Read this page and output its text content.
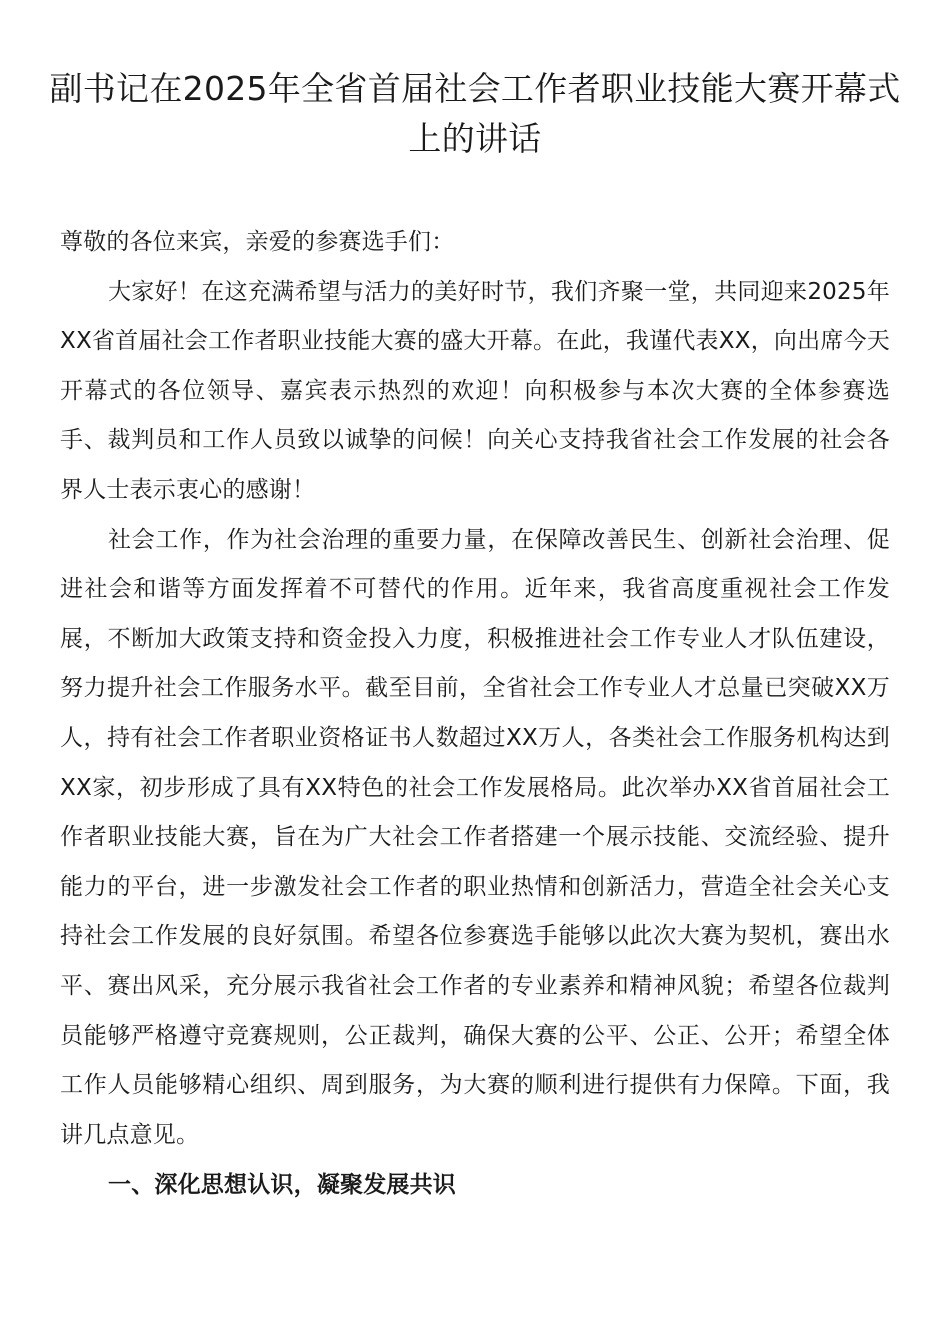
副书记在2025年全省首届社会工作者职业技能大赛开幕式上的讲话

尊敬的各位来宾，亲爱的参赛选手们：

大家好！在这充满希望与活力的美好时节，我们齐聚一堂，共同迎来2025年XX省首届社会工作者职业技能大赛的盛大开幕。在此，我谨代表XX，向出席今天开幕式的各位领导、嘉宾表示热烈的欢迎！向积极参与本次大赛的全体参赛选手、裁判员和工作人员致以诚挚的问候！向关心支持我省社会工作发展的社会各界人士表示衷心的感谢！

社会工作，作为社会治理的重要力量，在保障改善民生、创新社会治理、促进社会和谐等方面发挥着不可替代的作用。近年来，我省高度重视社会工作发展，不断加大政策支持和资金投入力度，积极推进社会工作专业人才队伍建设，努力提升社会工作服务水平。截至目前，全省社会工作专业人才总量已突破XX万人，持有社会工作者职业资格证书人数超过XX万人，各类社会工作服务机构达到XX家，初步形成了具有XX特色的社会工作发展格局。此次举办XX省首届社会工作者职业技能大赛，旨在为广大社会工作者搭建一个展示技能、交流经验、提升能力的平台，进一步激发社会工作者的职业热情和创新活力，营造全社会关心支持社会工作发展的良好氛围。希望各位参赛选手能够以此次大赛为契机，赛出水平、赛出风采，充分展示我省社会工作者的专业素养和精神风貌；希望各位裁判员能够严格遵守竞赛规则，公正裁判，确保大赛的公平、公正、公开；希望全体工作人员能够精心组织、周到服务，为大赛的顺利进行提供有力保障。下面，我讲几点意见。

一、深化思想认识，凝聚发展共识
